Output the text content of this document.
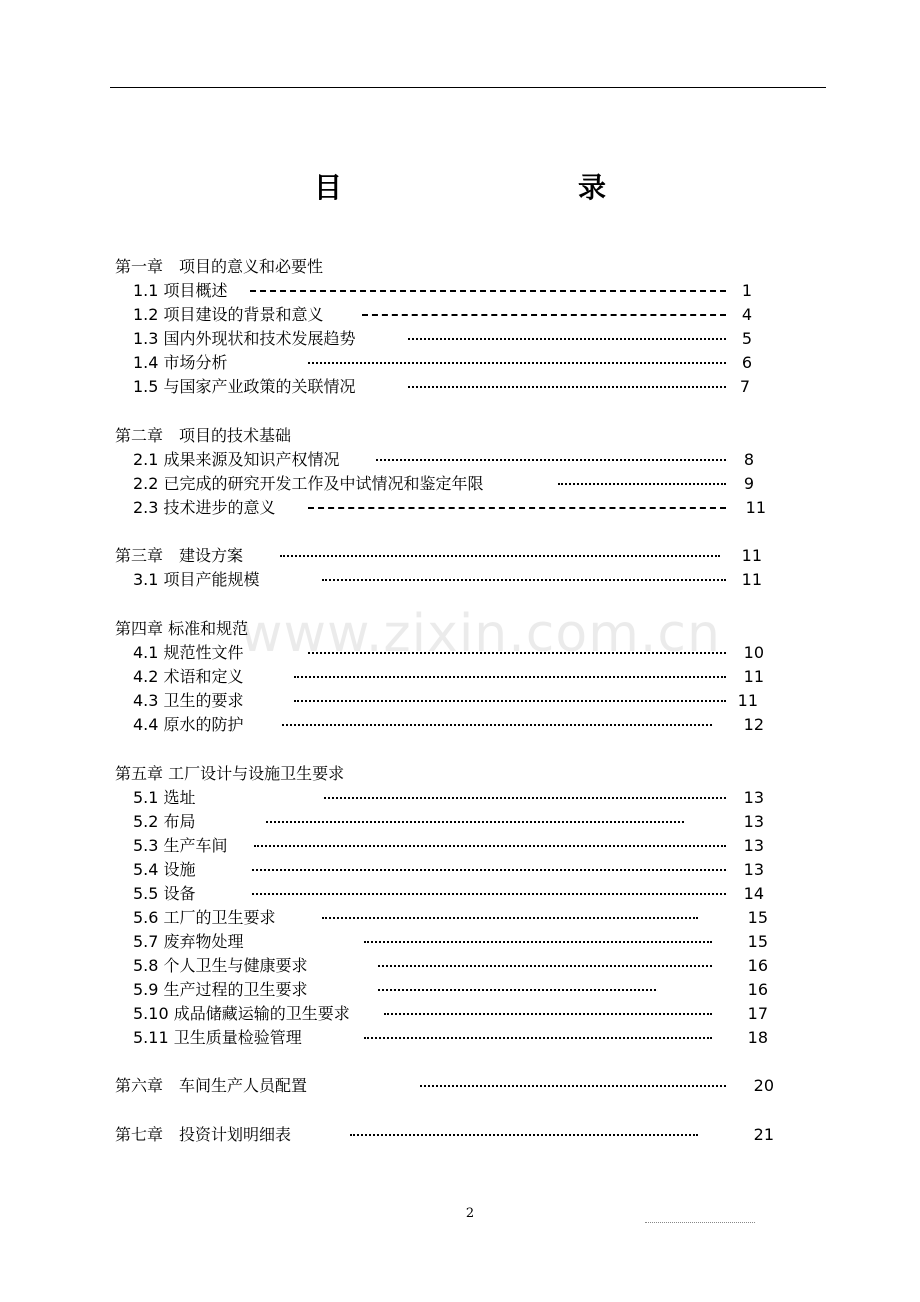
目　　录
www.zixin.com.cn
第一章　项目的意义和必要性
1.1 项目概述	1
1.2 项目建设的背景和意义	4
1.3 国内外现状和技术发展趋势	5
1.4 市场分析	6
1.5 与国家产业政策的关联情况	7
第二章　项目的技术基础
2.1 成果来源及知识产权情况	8
2.2 已完成的研究开发工作及中试情况和鉴定年限	9
2.3 技术进步的意义	11
第三章　建设方案	11
3.1 项目产能规模	11
第四章 标准和规范
4.1 规范性文件	10
4.2 术语和定义	11
4.3 卫生的要求	11
4.4 原水的防护	12
第五章 工厂设计与设施卫生要求
5.1 选址	13
5.2 布局	13
5.3 生产车间	13
5.4 设施	13
5.5 设备	14
5.6 工厂的卫生要求	15
5.7 废弃物处理	15
5.8 个人卫生与健康要求	16
5.9 生产过程的卫生要求	16
5.10 成品储藏运输的卫生要求	17
5.11 卫生质量检验管理	18
第六章　车间生产人员配置	20
第七章　投资计划明细表	21
2
